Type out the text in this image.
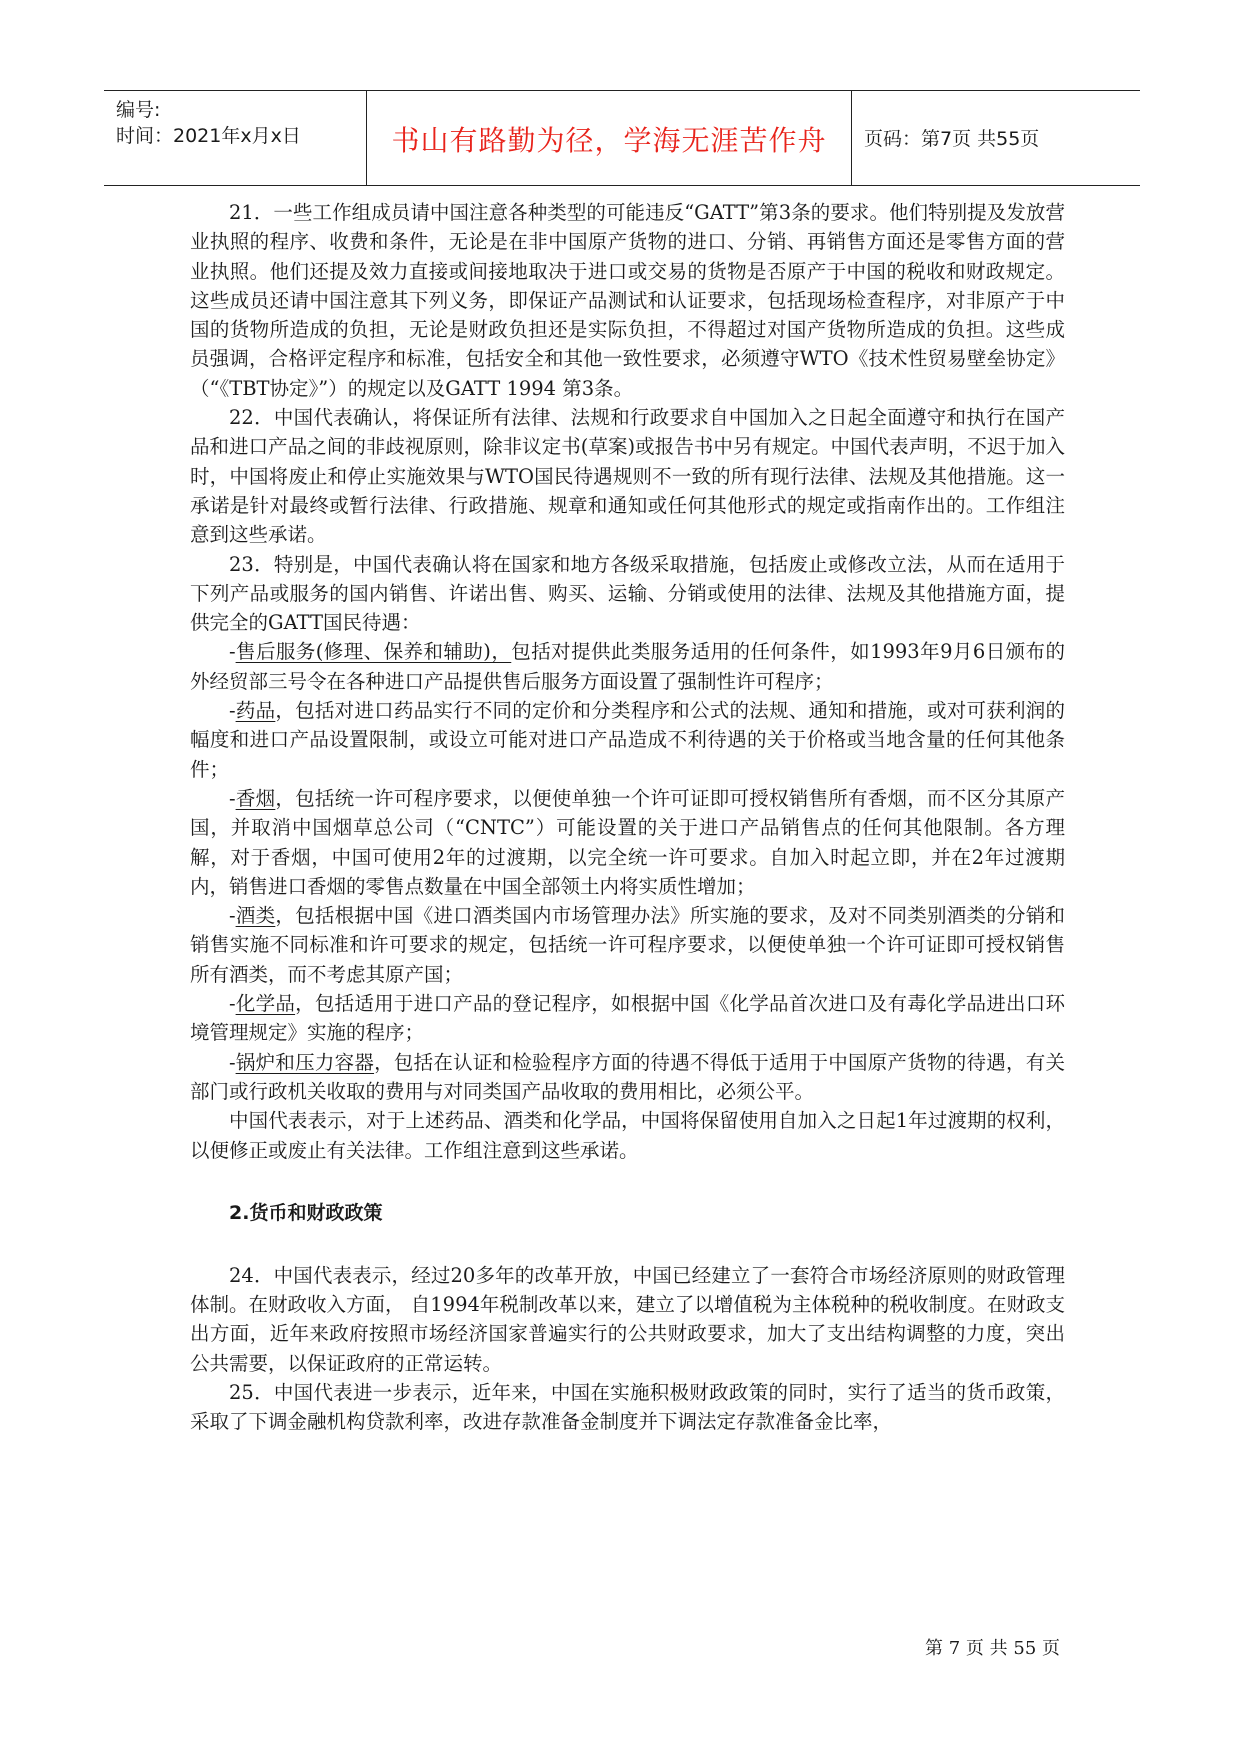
编号:
时间：2021年x月x日	书山有路勤为径，学海无涯苦作舟	页码：第7页 共55页

21．一些工作组成员请中国注意各种类型的可能违反“GATT”第3条的要求。他们特别提及发放营业执照的程序、收费和条件，无论是在非中国原产货物的进口、分销、再销售方面还是零售方面的营业执照。他们还提及效力直接或间接地取决于进口或交易的货物是否原产于中国的税收和财政规定。这些成员还请中国注意其下列义务，即保证产品测试和认证要求，包括现场检查程序，对非原产于中国的货物所造成的负担，无论是财政负担还是实际负担，不得超过对国产货物所造成的负担。这些成员强调，合格评定程序和标准，包括安全和其他一致性要求，必须遵守WTO《技术性贸易壁垒协定》（“《TBT协定》”）的规定以及GATT 1994 第3条。

22．中国代表确认，将保证所有法律、法规和行政要求自中国加入之日起全面遵守和执行在国产品和进口产品之间的非歧视原则，除非议定书(草案)或报告书中另有规定。中国代表声明，不迟于加入时，中国将废止和停止实施效果与WTO国民待遇规则不一致的所有现行法律、法规及其他措施。这一承诺是针对最终或暂行法律、行政措施、规章和通知或任何其他形式的规定或指南作出的。工作组注意到这些承诺。

23．特别是，中国代表确认将在国家和地方各级采取措施，包括废止或修改立法，从而在适用于下列产品或服务的国内销售、许诺出售、购买、运输、分销或使用的法律、法规及其他措施方面，提供完全的GATT国民待遇：

-售后服务(修理、保养和辅助)，包括对提供此类服务适用的任何条件，如1993年9月6日颁布的外经贸部三号令在各种进口产品提供售后服务方面设置了强制性许可程序；

-药品，包括对进口药品实行不同的定价和分类程序和公式的法规、通知和措施，或对可获利润的幅度和进口产品设置限制，或设立可能对进口产品造成不利待遇的关于价格或当地含量的任何其他条件；

-香烟，包括统一许可程序要求，以便使单独一个许可证即可授权销售所有香烟，而不区分其原产国，并取消中国烟草总公司（“CNTC”）可能设置的关于进口产品销售点的任何其他限制。各方理解，对于香烟，中国可使用2年的过渡期，以完全统一许可要求。自加入时起立即，并在2年过渡期内，销售进口香烟的零售点数量在中国全部领土内将实质性增加；

-酒类，包括根据中国《进口酒类国内市场管理办法》所实施的要求，及对不同类别酒类的分销和销售实施不同标准和许可要求的规定，包括统一许可程序要求，以便使单独一个许可证即可授权销售所有酒类，而不考虑其原产国；

-化学品，包括适用于进口产品的登记程序，如根据中国《化学品首次进口及有毒化学品进出口环境管理规定》实施的程序；

-锅炉和压力容器，包括在认证和检验程序方面的待遇不得低于适用于中国原产货物的待遇，有关部门或行政机关收取的费用与对同类国产品收取的费用相比，必须公平。

中国代表表示，对于上述药品、酒类和化学品，中国将保留使用自加入之日起1年过渡期的权利，以便修正或废止有关法律。工作组注意到这些承诺。

2.货币和财政政策

24．中国代表表示，经过20多年的改革开放，中国已经建立了一套符合市场经济原则的财政管理体制。在财政收入方面， 自1994年税制改革以来，建立了以增值税为主体税种的税收制度。在财政支出方面，近年来政府按照市场经济国家普遍实行的公共财政要求，加大了支出结构调整的力度，突出公共需要，以保证政府的正常运转。

25．中国代表进一步表示，近年来，中国在实施积极财政政策的同时，实行了适当的货币政策，采取了下调金融机构贷款利率，改进存款准备金制度并下调法定存款准备金比率，

第 7 页 共 55 页
